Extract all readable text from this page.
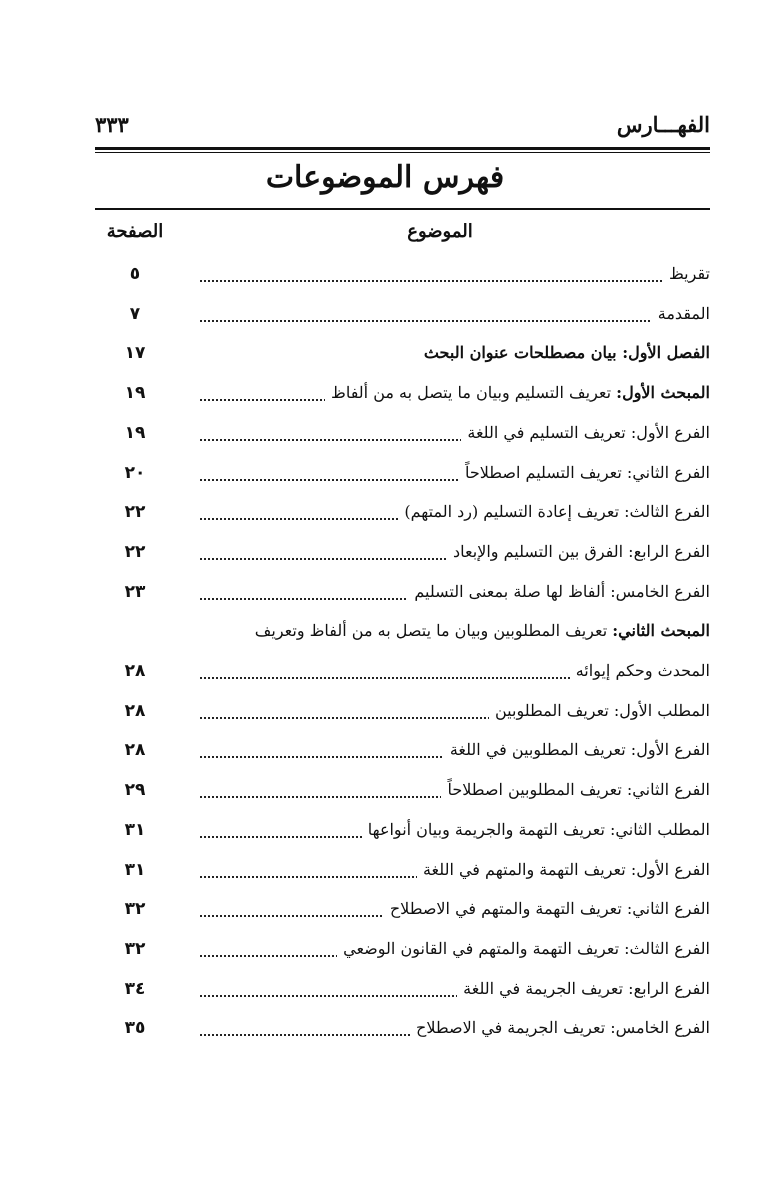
الفهـــارس
٣٣٣
فهرس الموضوعات
الموضوع
الصفحة
تقريظ
٥
المقدمة
٧
الفصل الأول: بيان مصطلحات عنوان البحث
١٧
المبحث الأول: تعريف التسليم وبيان ما يتصل به من ألفاظ
١٩
الفرع الأول: تعريف التسليم في اللغة
١٩
الفرع الثاني: تعريف التسليم اصطلاحاً
٢٠
الفرع الثالث: تعريف إعادة التسليم (رد المتهم)
٢٢
الفرع الرابع: الفرق بين التسليم والإبعاد
٢٢
الفرع الخامس: ألفاظ لها صلة بمعنى التسليم
٢٣
المبحث الثاني: تعريف المطلوبين وبيان ما يتصل به من ألفاظ وتعريف
المحدث وحكم إيوائه
٢٨
المطلب الأول: تعريف المطلوبين
٢٨
الفرع الأول: تعريف المطلوبين في اللغة
٢٨
الفرع الثاني: تعريف المطلوبين اصطلاحاً
٢٩
المطلب الثاني: تعريف التهمة والجريمة وبيان أنواعها
٣١
الفرع الأول: تعريف التهمة والمتهم في اللغة
٣١
الفرع الثاني: تعريف التهمة والمتهم في الاصطلاح
٣٢
الفرع الثالث: تعريف التهمة والمتهم في القانون الوضعي
٣٢
الفرع الرابع: تعريف الجريمة في اللغة
٣٤
الفرع الخامس: تعريف الجريمة في الاصطلاح
٣٥
